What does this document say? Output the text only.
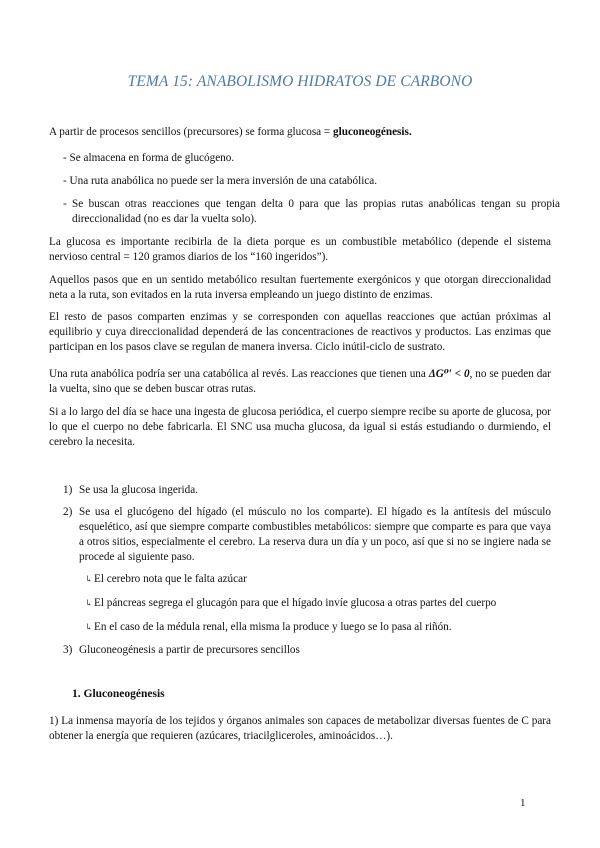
TEMA 15: ANABOLISMO HIDRATOS DE CARBONO

A partir de procesos sencillos (precursores) se forma glucosa = gluconeogénesis.

- Se almacena en forma de glucógeno.

- Una ruta anabólica no puede ser la mera inversión de una catabólica.

- Se buscan otras reacciones que tengan delta 0 para que las propias rutas anabólicas tengan su propia direccionalidad (no es dar la vuelta solo).

La glucosa es importante recibirla de la dieta porque es un combustible metabólico (depende el sistema nervioso central = 120 gramos diarios de los “160 ingeridos”).

Aquellos pasos que en un sentido metabólico resultan fuertemente exergónicos y que otorgan direccionalidad neta a la ruta, son evitados en la ruta inversa empleando un juego distinto de enzimas.

El resto de pasos comparten enzimas y se corresponden con aquellas reacciones que actúan próximas al equilibrio y cuya direccionalidad dependerá de las concentraciones de reactivos y productos. Las enzimas que participan en los pasos clave se regulan de manera inversa. Ciclo inútil-ciclo de sustrato.

Una ruta anabólica podría ser una catabólica al revés. Las reacciones que tienen una ΔG⁰′ < 0, no se pueden dar la vuelta, sino que se deben buscar otras rutas.

Si a lo largo del día se hace una ingesta de glucosa periódica, el cuerpo siempre recibe su aporte de glucosa, por lo que el cuerpo no debe fabricarla. El SNC usa mucha glucosa, da igual si estás estudiando o durmiendo, el cerebro la necesita.

1) Se usa la glucosa ingerida.
2) Se usa el glucógeno del hígado (el músculo no los comparte). El hígado es la antítesis del músculo esquelético, así que siempre comparte combustibles metabólicos: siempre que comparte es para que vaya a otros sitios, especialmente el cerebro. La reserva dura un día y un poco, así que si no se ingiere nada se procede al siguiente paso.

↳El cerebro nota que le falta azúcar

↳El páncreas segrega el glucagón para que el hígado invíe glucosa a otras partes del cuerpo

↳En el caso de la médula renal, ella misma la produce y luego se lo pasa al riñón.

3) Gluconeogénesis a partir de precursores sencillos

1. Gluconeogénesis

1) La inmensa mayoría de los tejidos y órganos animales son capaces de metabolizar diversas fuentes de C para obtener la energía que requieren (azúcares, triacilgliceroles, aminoácidos…).

1
